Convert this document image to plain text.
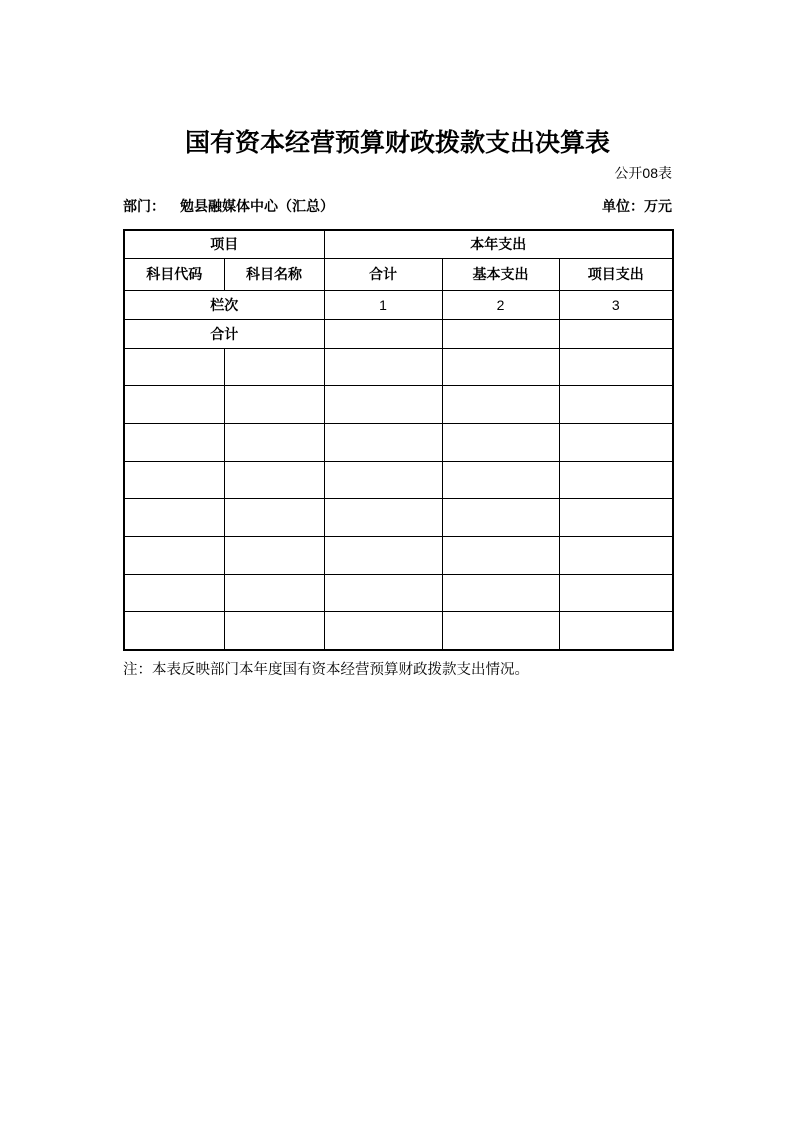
国有资本经营预算财政拨款支出决算表
公开08表
部门： 勉县融媒体中心（汇总）	单位：万元
项目		本年支出		
科目代码	科目名称	合计	基本支出	项目支出
栏次		1	2	3
合计				

注：本表反映部门本年度国有资本经营预算财政拨款支出情况。
